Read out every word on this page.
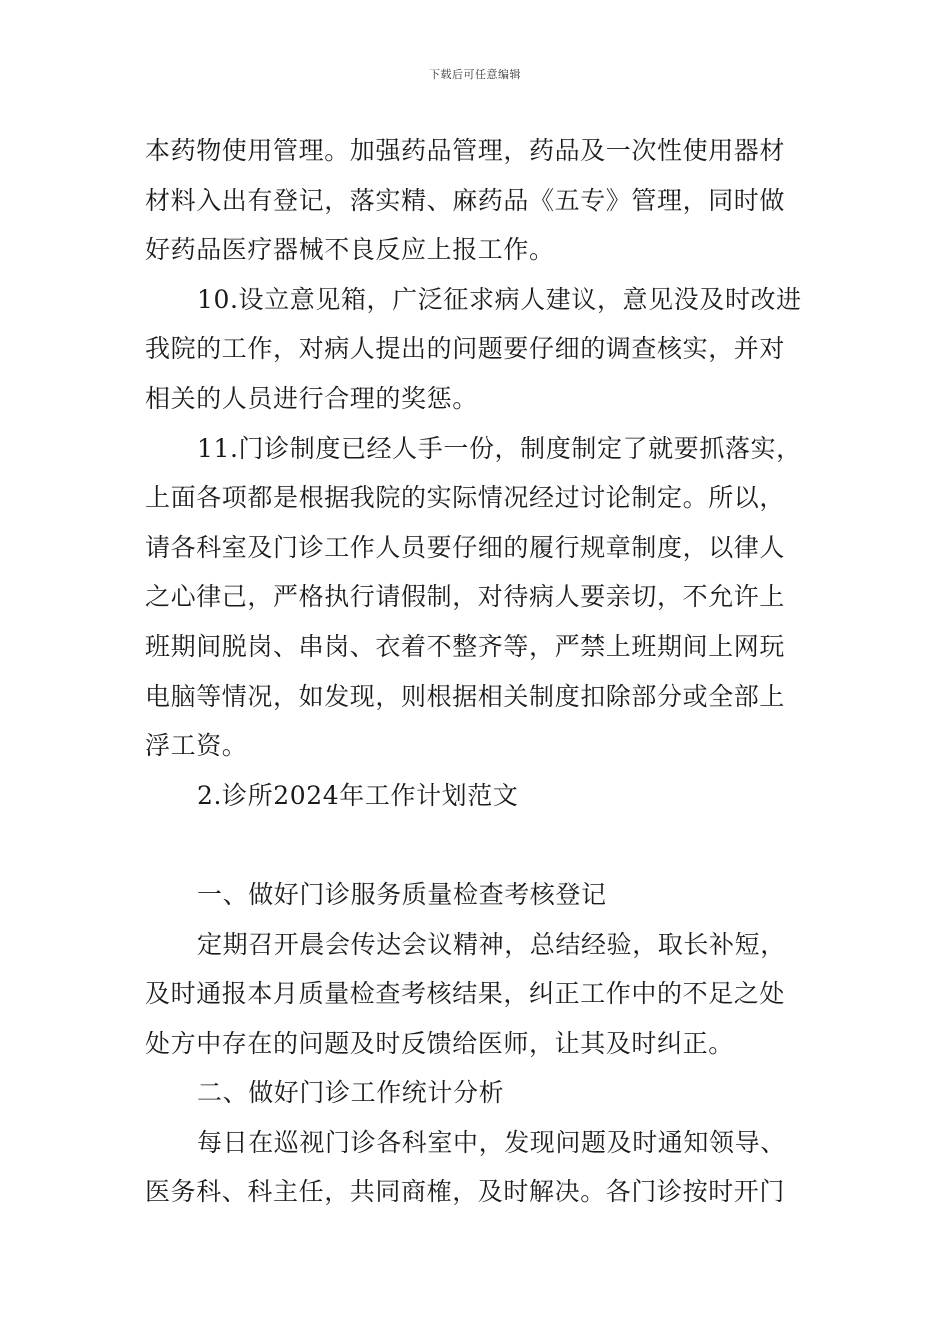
下载后可任意编辑
本药物使用管理。加强药品管理，药品及一次性使用器材
材料入出有登记，落实精、麻药品《五专》管理，同时做
好药品医疗器械不良反应上报工作。
10.设立意见箱，广泛征求病人建议，意见没及时改进
我院的工作，对病人提出的问题要仔细的调查核实，并对
相关的人员进行合理的奖惩。
11.门诊制度已经人手一份，制度制定了就要抓落实，
上面各项都是根据我院的实际情况经过讨论制定。所以，
请各科室及门诊工作人员要仔细的履行规章制度，以律人
之心律己，严格执行请假制，对待病人要亲切，不允许上
班期间脱岗、串岗、衣着不整齐等，严禁上班期间上网玩
电脑等情况，如发现，则根据相关制度扣除部分或全部上
浮工资。
2.诊所2024年工作计划范文
一、做好门诊服务质量检查考核登记
定期召开晨会传达会议精神，总结经验，取长补短，
及时通报本月质量检查考核结果，纠正工作中的不足之处
处方中存在的问题及时反馈给医师，让其及时纠正。
二、做好门诊工作统计分析
每日在巡视门诊各科室中，发现问题及时通知领导、
医务科、科主任，共同商榷，及时解决。各门诊按时开门
